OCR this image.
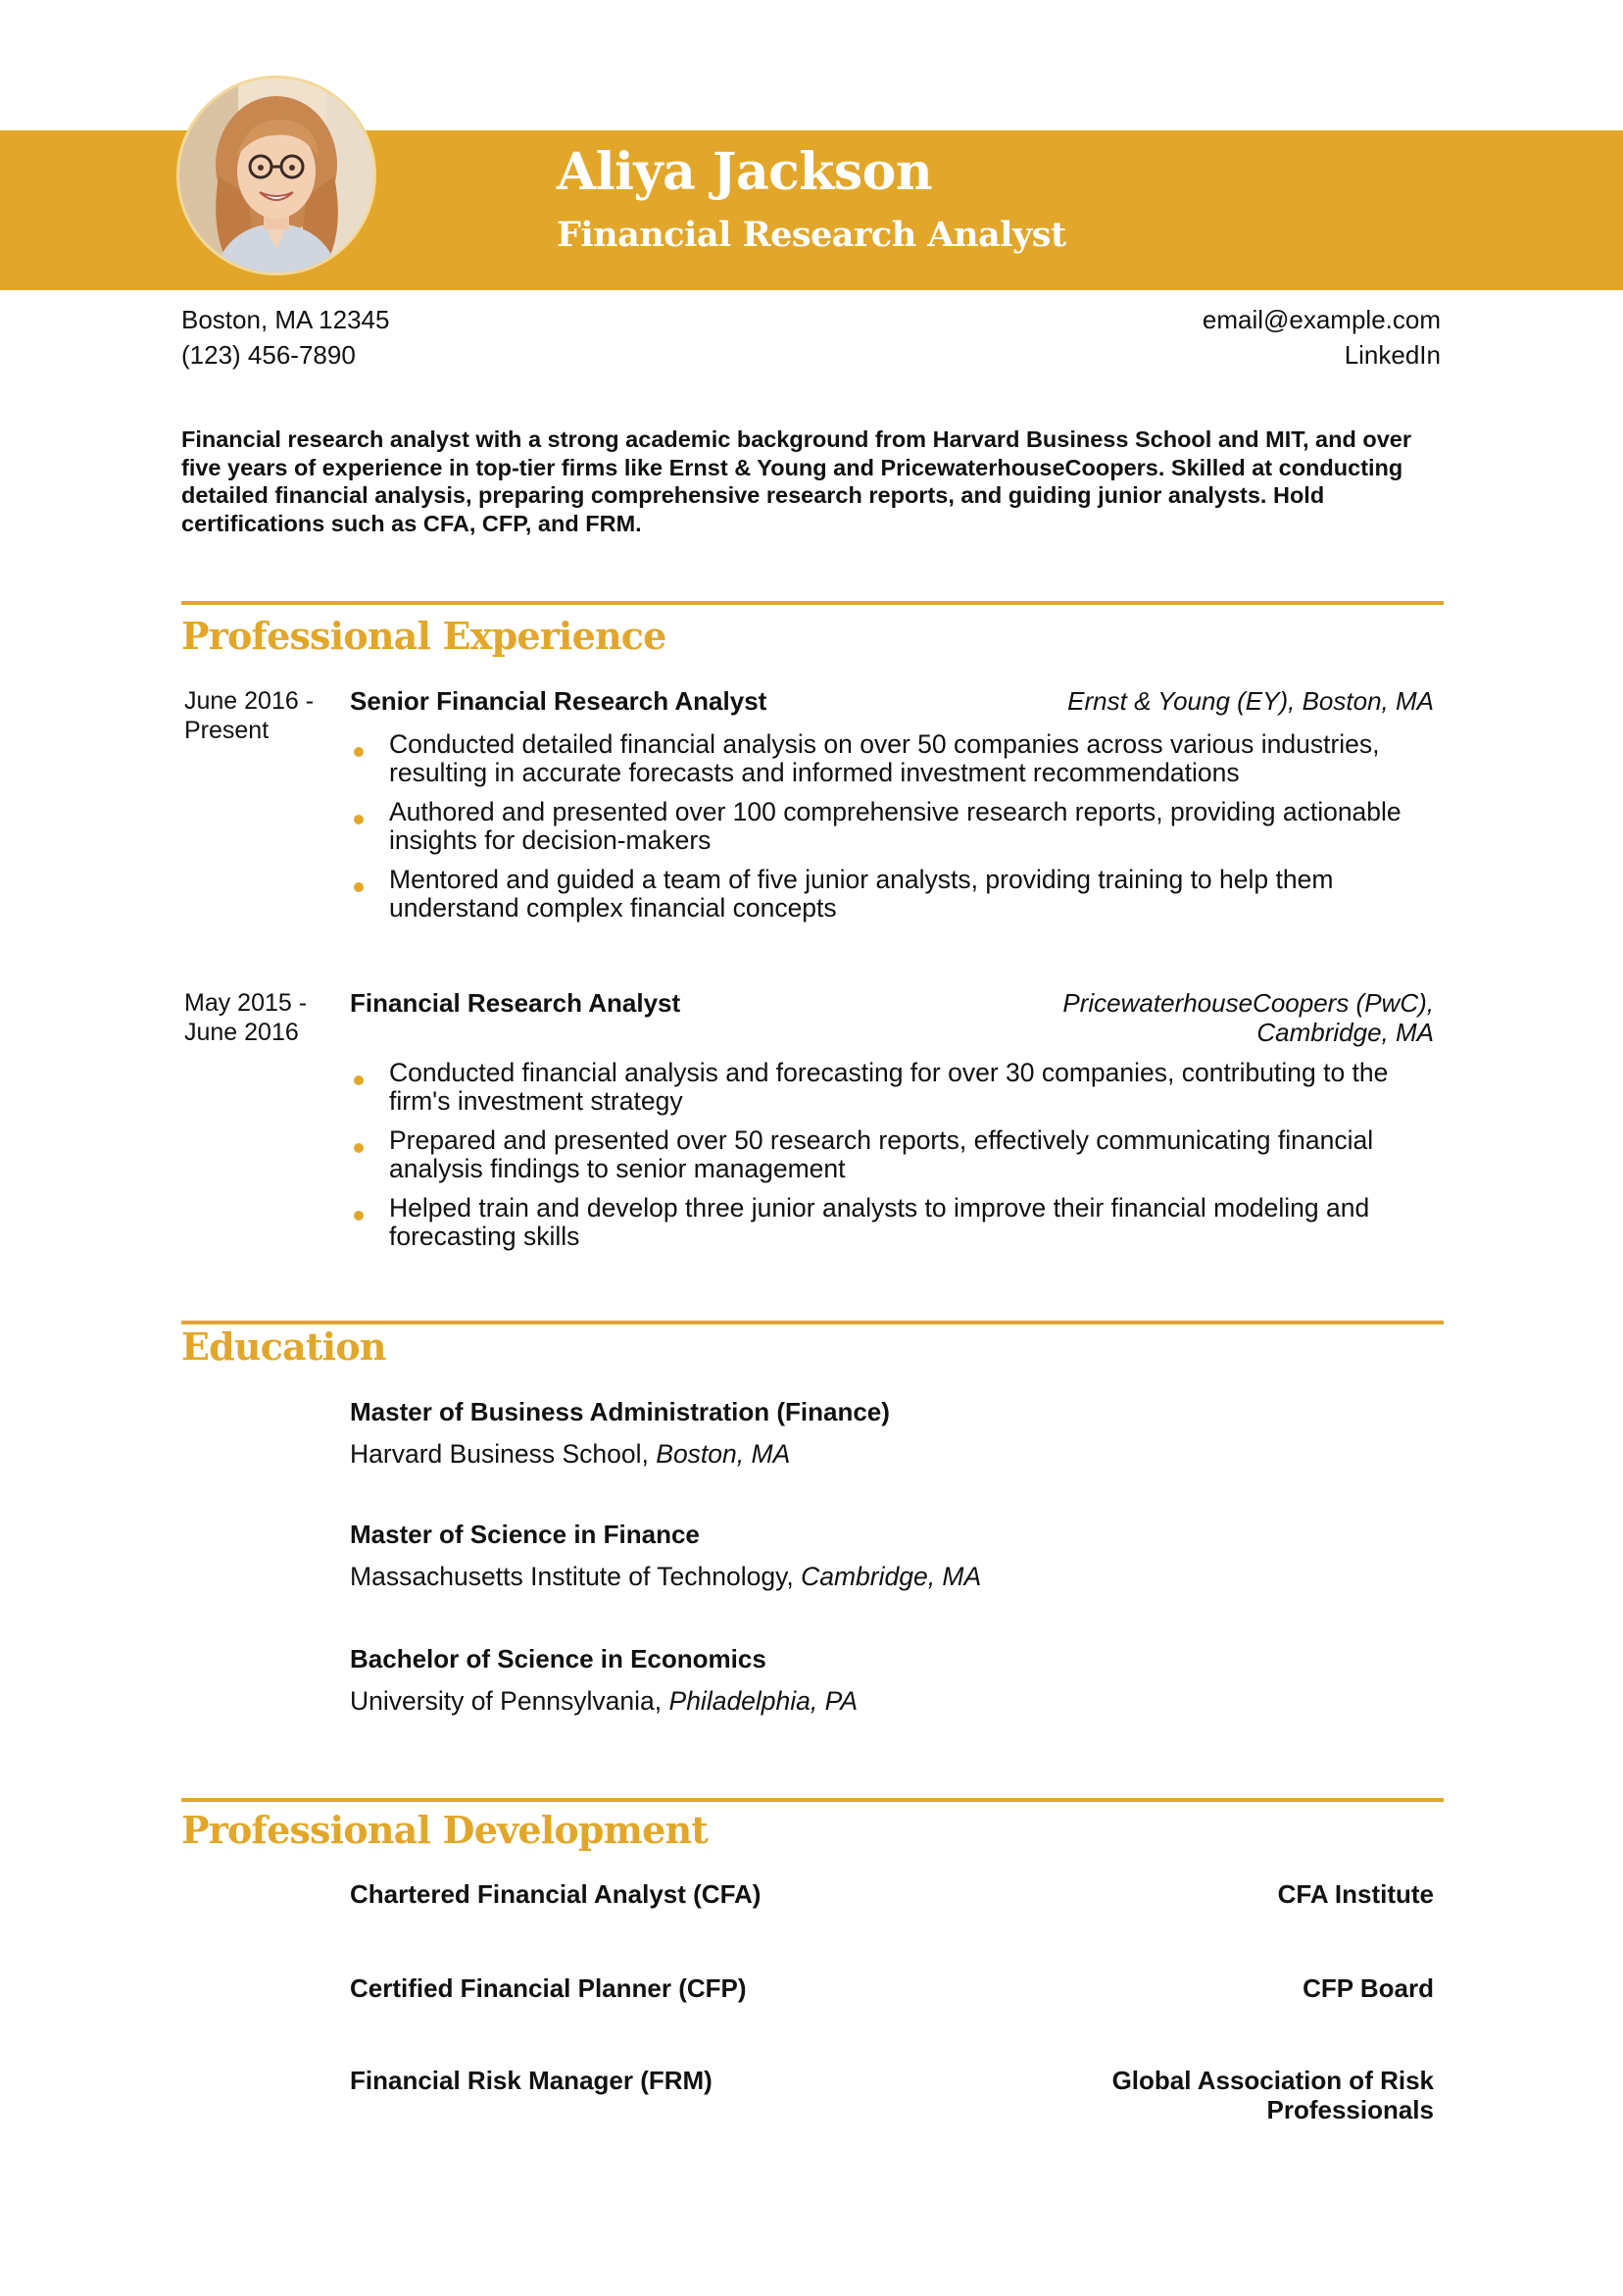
Aliya Jackson
Financial Research Analyst
Boston, MA 12345
(123) 456-7890
email@example.com
LinkedIn
Financial research analyst with a strong academic background from Harvard Business School and MIT, and over five years of experience in top-tier firms like Ernst & Young and PricewaterhouseCoopers. Skilled at conducting detailed financial analysis, preparing comprehensive research reports, and guiding junior analysts. Hold certifications such as CFA, CFP, and FRM.
Professional Experience
June 2016 - Present
Senior Financial Research Analyst	Ernst & Young (EY), Boston, MA
Conducted detailed financial analysis on over 50 companies across various industries, resulting in accurate forecasts and informed investment recommendations
Authored and presented over 100 comprehensive research reports, providing actionable insights for decision-makers
Mentored and guided a team of five junior analysts, providing training to help them understand complex financial concepts
May 2015 - June 2016
Financial Research Analyst	PricewaterhouseCoopers (PwC), Cambridge, MA
Conducted financial analysis and forecasting for over 30 companies, contributing to the firm's investment strategy
Prepared and presented over 50 research reports, effectively communicating financial analysis findings to senior management
Helped train and develop three junior analysts to improve their financial modeling and forecasting skills
Education
Master of Business Administration (Finance)
Harvard Business School, Boston, MA
Master of Science in Finance
Massachusetts Institute of Technology, Cambridge, MA
Bachelor of Science in Economics
University of Pennsylvania, Philadelphia, PA
Professional Development
Chartered Financial Analyst (CFA)	CFA Institute
Certified Financial Planner (CFP)	CFP Board
Financial Risk Manager (FRM)	Global Association of Risk Professionals
